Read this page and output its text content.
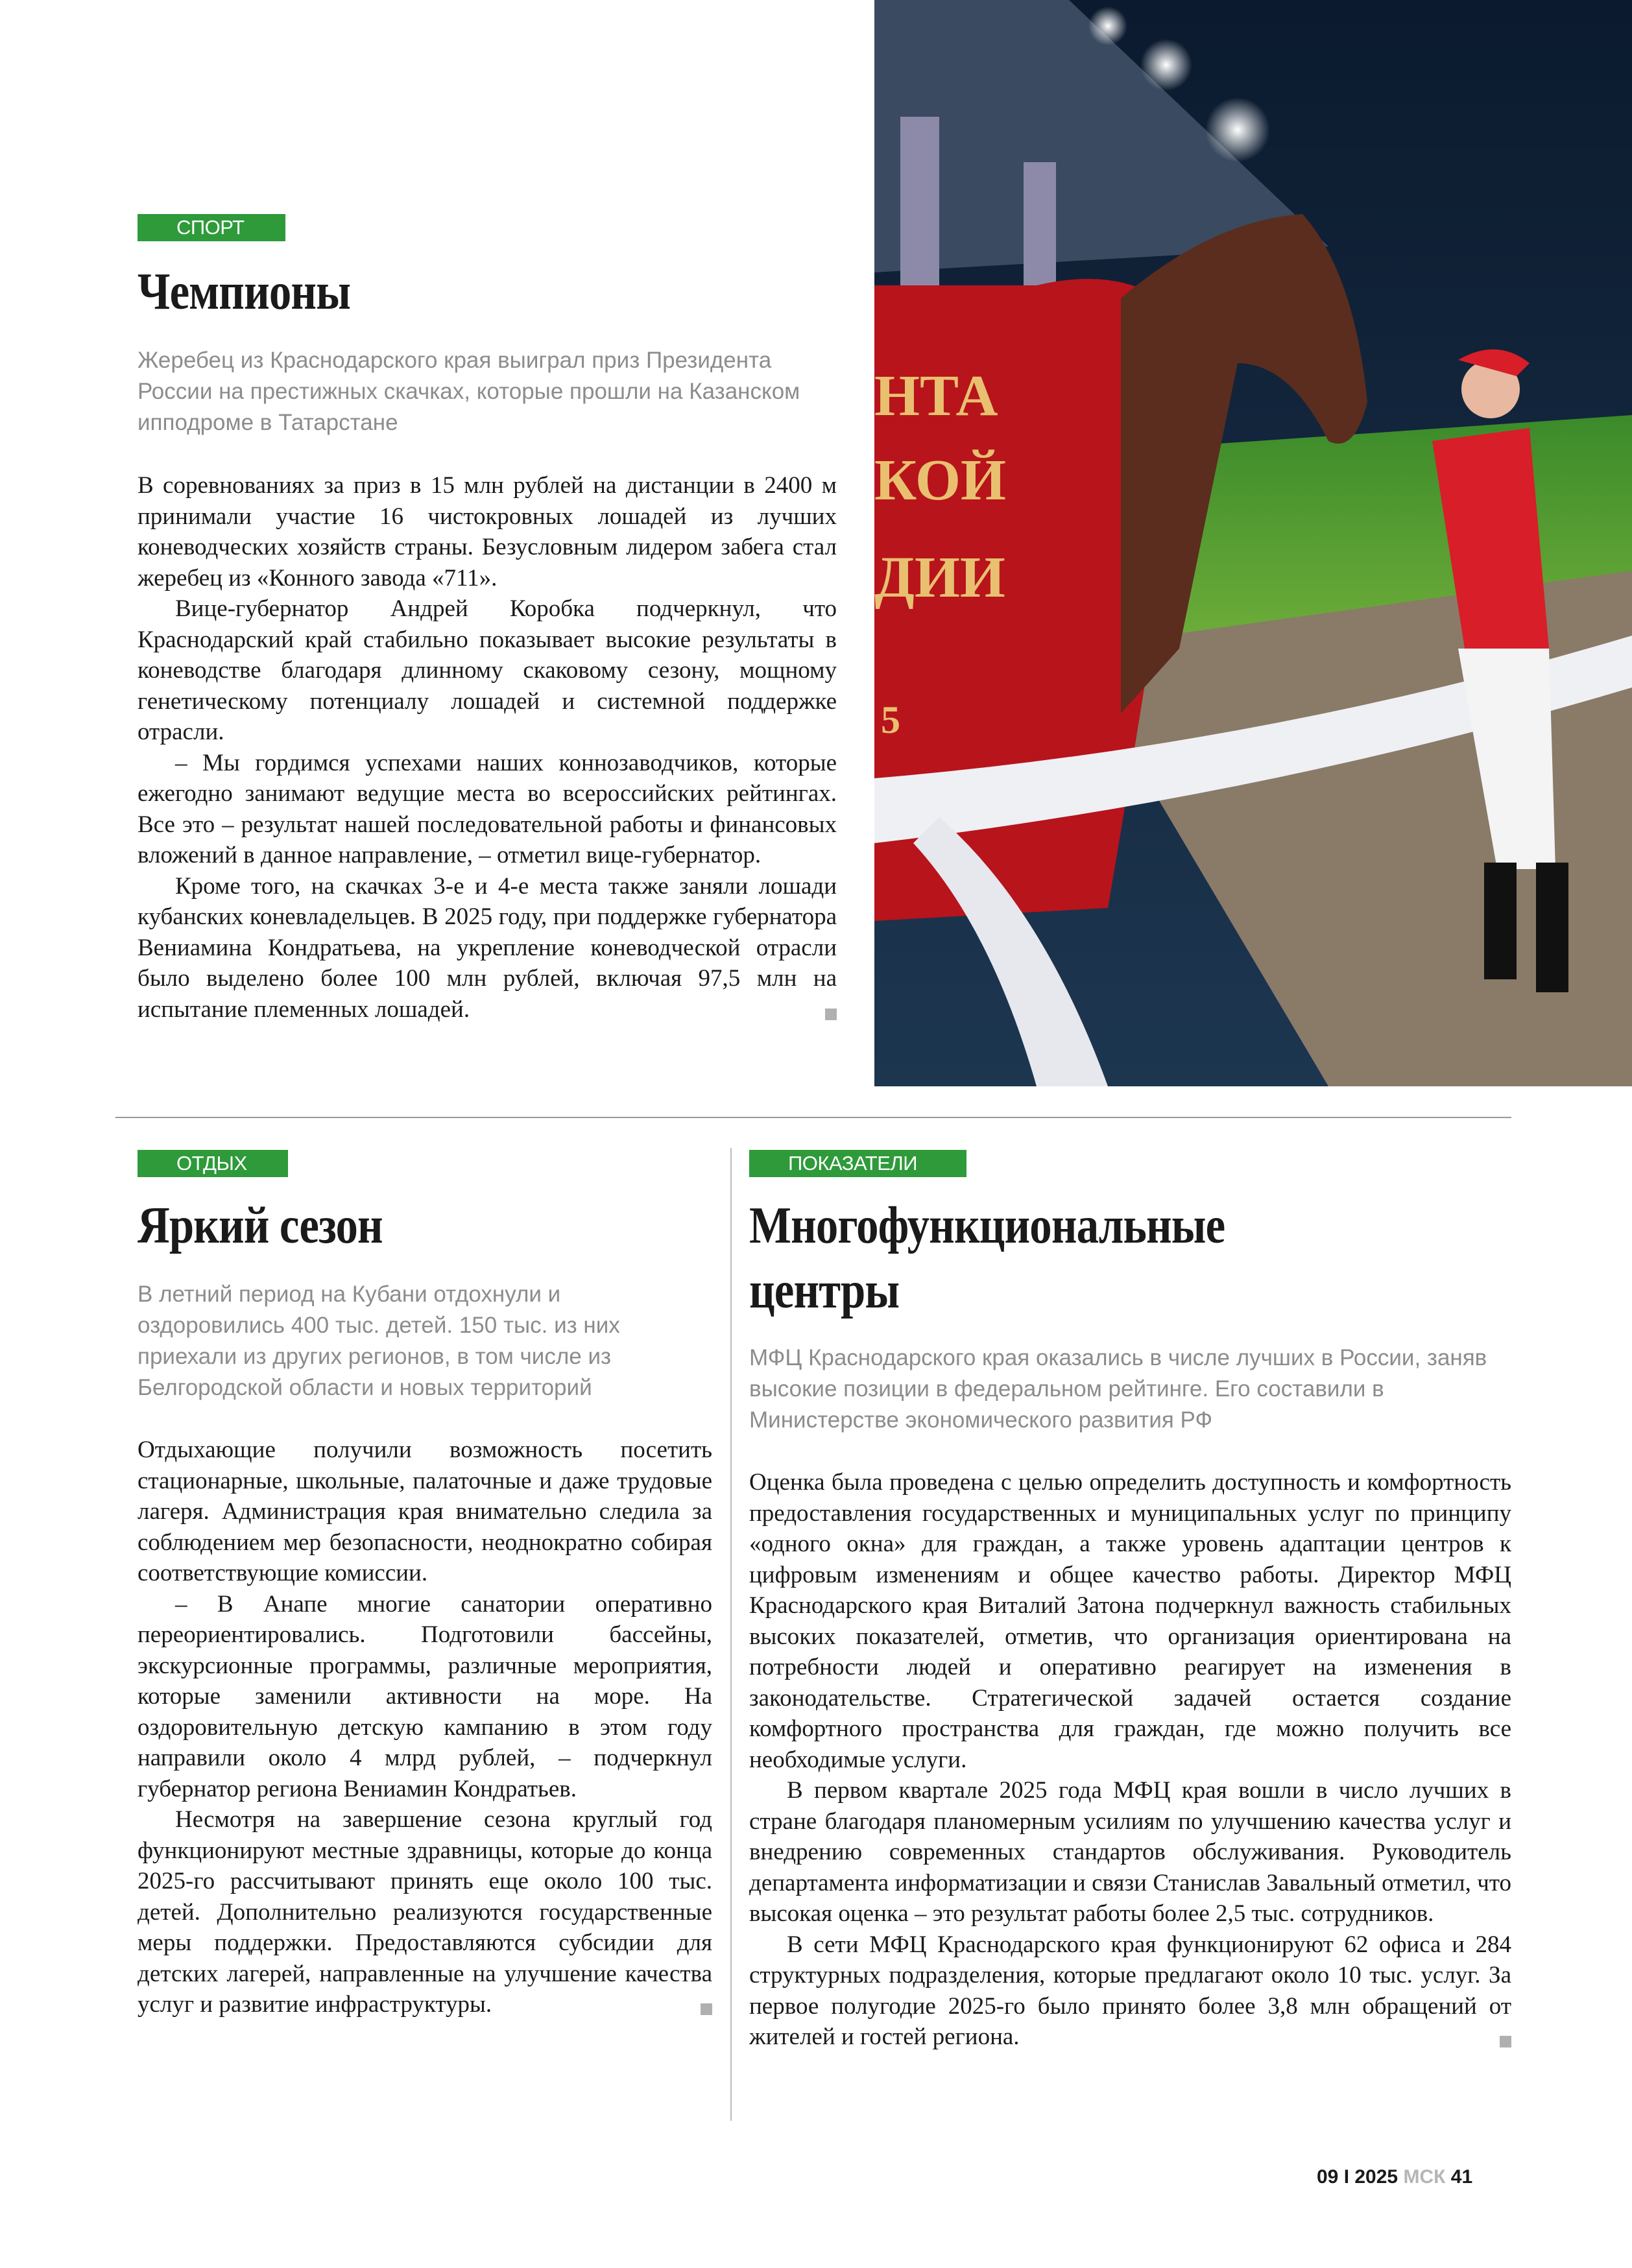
СПОРТ
Чемпионы
Жеребец из Краснодарского края выиграл приз Президента России на престижных скачках, которые прошли на Казанском ипподроме в Татарстане

В соревнованиях за приз в 15 млн рублей на дистанции в 2400 м принимали участие 16 чистокровных лошадей из лучших коневодческих хозяйств страны. Безусловным лидером забега стал жеребец из «Конного завода «711».

Вице-губернатор Андрей Коробка подчеркнул, что Краснодарский край стабильно показывает высокие результаты в коневодстве благодаря длинному скаковому сезону, мощному генетическому потенциалу лошадей и системной поддержке отрасли.

– Мы гордимся успехами наших коннозаводчиков, которые ежегодно занимают ведущие места во всероссийских рейтингах. Все это – результат нашей последовательной работы и финансовых вложений в данное направление, – отметил вице-губернатор.

Кроме того, на скачках 3-е и 4-е места также заняли лошади кубанских коневладельцев. В 2025 году, при поддержке губернатора Вениамина Кондратьева, на укрепление коневодческой отрасли было выделено более 100 млн рублей, включая 97,5 млн на испытание племенных лошадей.

НТА
КОЙ
ДИИ
5
ОТДЫХ
Яркий сезон
В летний период на Кубани отдохнули и оздоровились 400 тыс. детей. 150 тыс. из них приехали из других регионов, в том числе из Белгородской области и новых территорий

Отдыхающие получили возможность посетить стационарные, школьные, палаточные и даже трудовые лагеря. Администрация края внимательно следила за соблюдением мер безопасности, неоднократно собирая соответствующие комиссии.

– В Анапе многие санатории оперативно переориентировались. Подготовили бассейны, экскурсионные программы, различные мероприятия, которые заменили активности на море. На оздоровительную детскую кампанию в этом году направили около 4 млрд рублей, – подчеркнул губернатор региона Вениамин Кондратьев.

Несмотря на завершение сезона круглый год функционируют местные здравницы, которые до конца 2025-го рассчитывают принять еще около 100 тыс. детей. Дополнительно реализуются государственные меры поддержки. Предоставляются субсидии для детских лагерей, направленные на улучшение качества услуг и развитие инфраструктуры.

ПОКАЗАТЕЛИ
Многофункциональные
центры
МФЦ Краснодарского края оказались в числе лучших в России, заняв высокие позиции в федеральном рейтинге. Его составили в Министерстве экономического развития РФ

Оценка была проведена с целью определить доступность и комфортность предоставления государственных и муниципальных услуг по принципу «одного окна» для граждан, а также уровень адаптации центров к цифровым изменениям и общее качество работы. Директор МФЦ Краснодарского края Виталий Затона подчеркнул важность стабильных высоких показателей, отметив, что организация ориентирована на потребности людей и оперативно реагирует на изменения в законодательстве. Стратегической задачей остается создание комфортного пространства для граждан, где можно получить все необходимые услуги.

В первом квартале 2025 года МФЦ края вошли в число лучших в стране благодаря планомерным усилиям по улучшению качества услуг и внедрению современных стандартов обслуживания. Руководитель департамента информатизации и связи Станислав Завальный отметил, что высокая оценка – это результат работы более 2,5 тыс. сотрудников.

В сети МФЦ Краснодарского края функционируют 62 офиса и 284 структурных подразделения, которые предлагают около 10 тыс. услуг. За первое полугодие 2025-го было принято более 3,8 млн обращений от жителей и гостей региона.

09 I 2025 МСК 41
